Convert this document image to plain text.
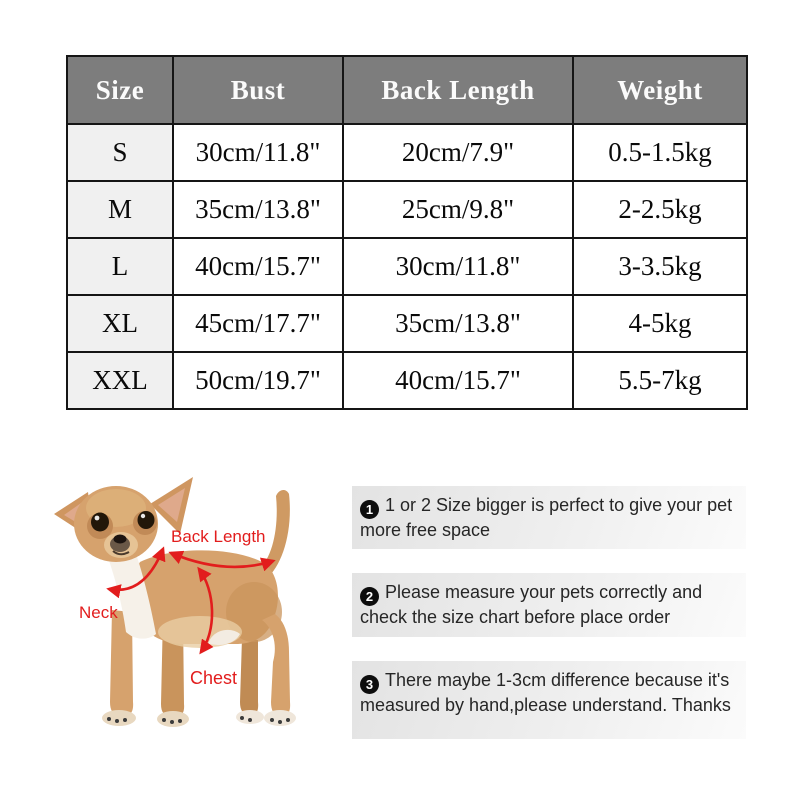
Size	Bust	Back Length	Weight
S	30cm/11.8"	20cm/7.9"	0.5-1.5kg
M	35cm/13.8"	25cm/9.8"	2-2.5kg
L	40cm/15.7"	30cm/11.8"	3-3.5kg
XL	45cm/17.7"	35cm/13.8"	4-5kg
XXL	50cm/19.7"	40cm/15.7"	5.5-7kg
Back Length
Neck
Chest
1 1 or 2 Size bigger is perfect to give your pet more free space
2 Please measure your pets correctly and check the size chart before place order
3 There maybe 1-3cm difference because it's measured by hand,please understand. Thanks
